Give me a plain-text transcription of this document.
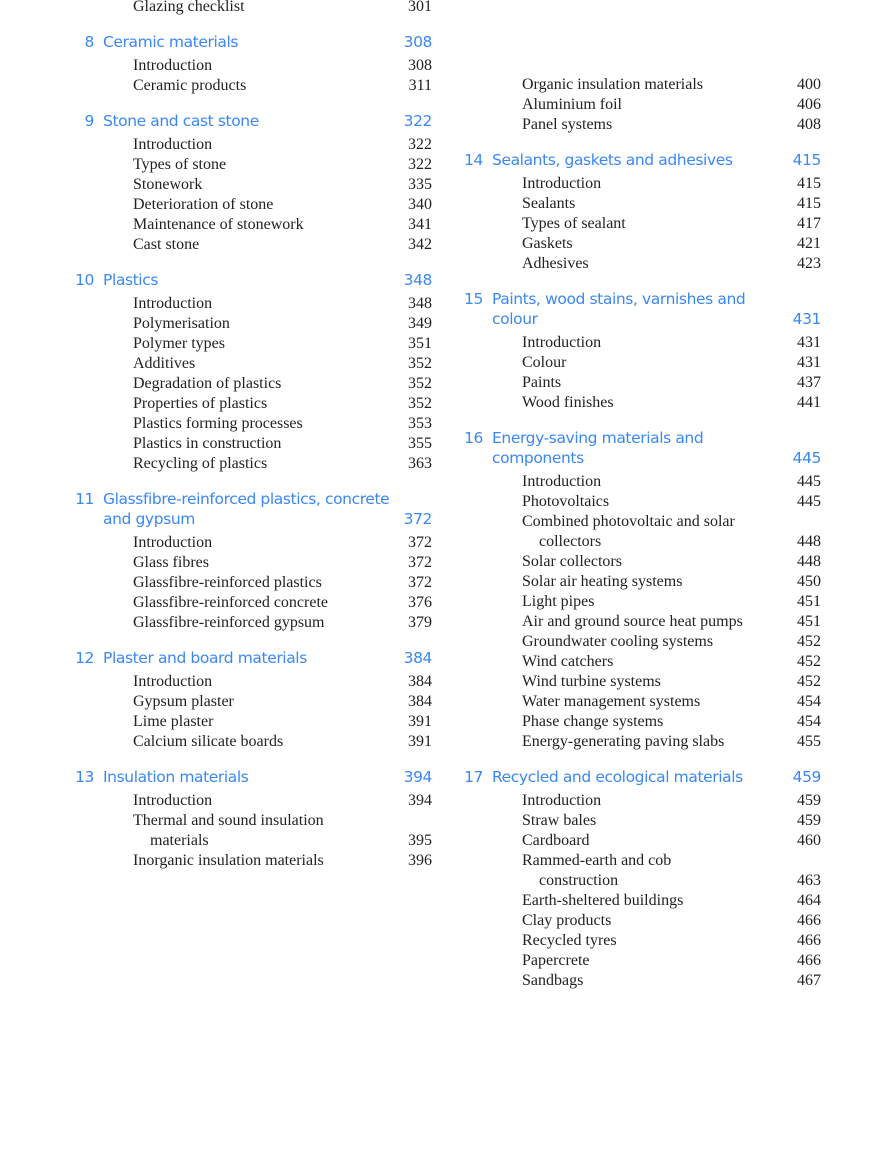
Glazing checklist	301
8 Ceramic materials	308
Introduction	308
Ceramic products	311
9 Stone and cast stone	322
Introduction	322
Types of stone	322
Stonework	335
Deterioration of stone	340
Maintenance of stonework	341
Cast stone	342
10 Plastics	348
Introduction	348
Polymerisation	349
Polymer types	351
Additives	352
Degradation of plastics	352
Properties of plastics	352
Plastics forming processes	353
Plastics in construction	355
Recycling of plastics	363
11 Glassfibre-reinforced plastics, concrete
and gypsum	372
Introduction	372
Glass fibres	372
Glassfibre-reinforced plastics	372
Glassfibre-reinforced concrete	376
Glassfibre-reinforced gypsum	379
12 Plaster and board materials	384
Introduction	384
Gypsum plaster	384
Lime plaster	391
Calcium silicate boards	391
13 Insulation materials	394
Introduction	394
Thermal and sound insulation
materials	395
Inorganic insulation materials	396
Organic insulation materials	400
Aluminium foil	406
Panel systems	408
14 Sealants, gaskets and adhesives	415
Introduction	415
Sealants	415
Types of sealant	417
Gaskets	421
Adhesives	423
15 Paints, wood stains, varnishes and
colour	431
Introduction	431
Colour	431
Paints	437
Wood finishes	441
16 Energy-saving materials and
components	445
Introduction	445
Photovoltaics	445
Combined photovoltaic and solar
collectors	448
Solar collectors	448
Solar air heating systems	450
Light pipes	451
Air and ground source heat pumps	451
Groundwater cooling systems	452
Wind catchers	452
Wind turbine systems	452
Water management systems	454
Phase change systems	454
Energy-generating paving slabs	455
17 Recycled and ecological materials	459
Introduction	459
Straw bales	459
Cardboard	460
Rammed-earth and cob
construction	463
Earth-sheltered buildings	464
Clay products	466
Recycled tyres	466
Papercrete	466
Sandbags	467
